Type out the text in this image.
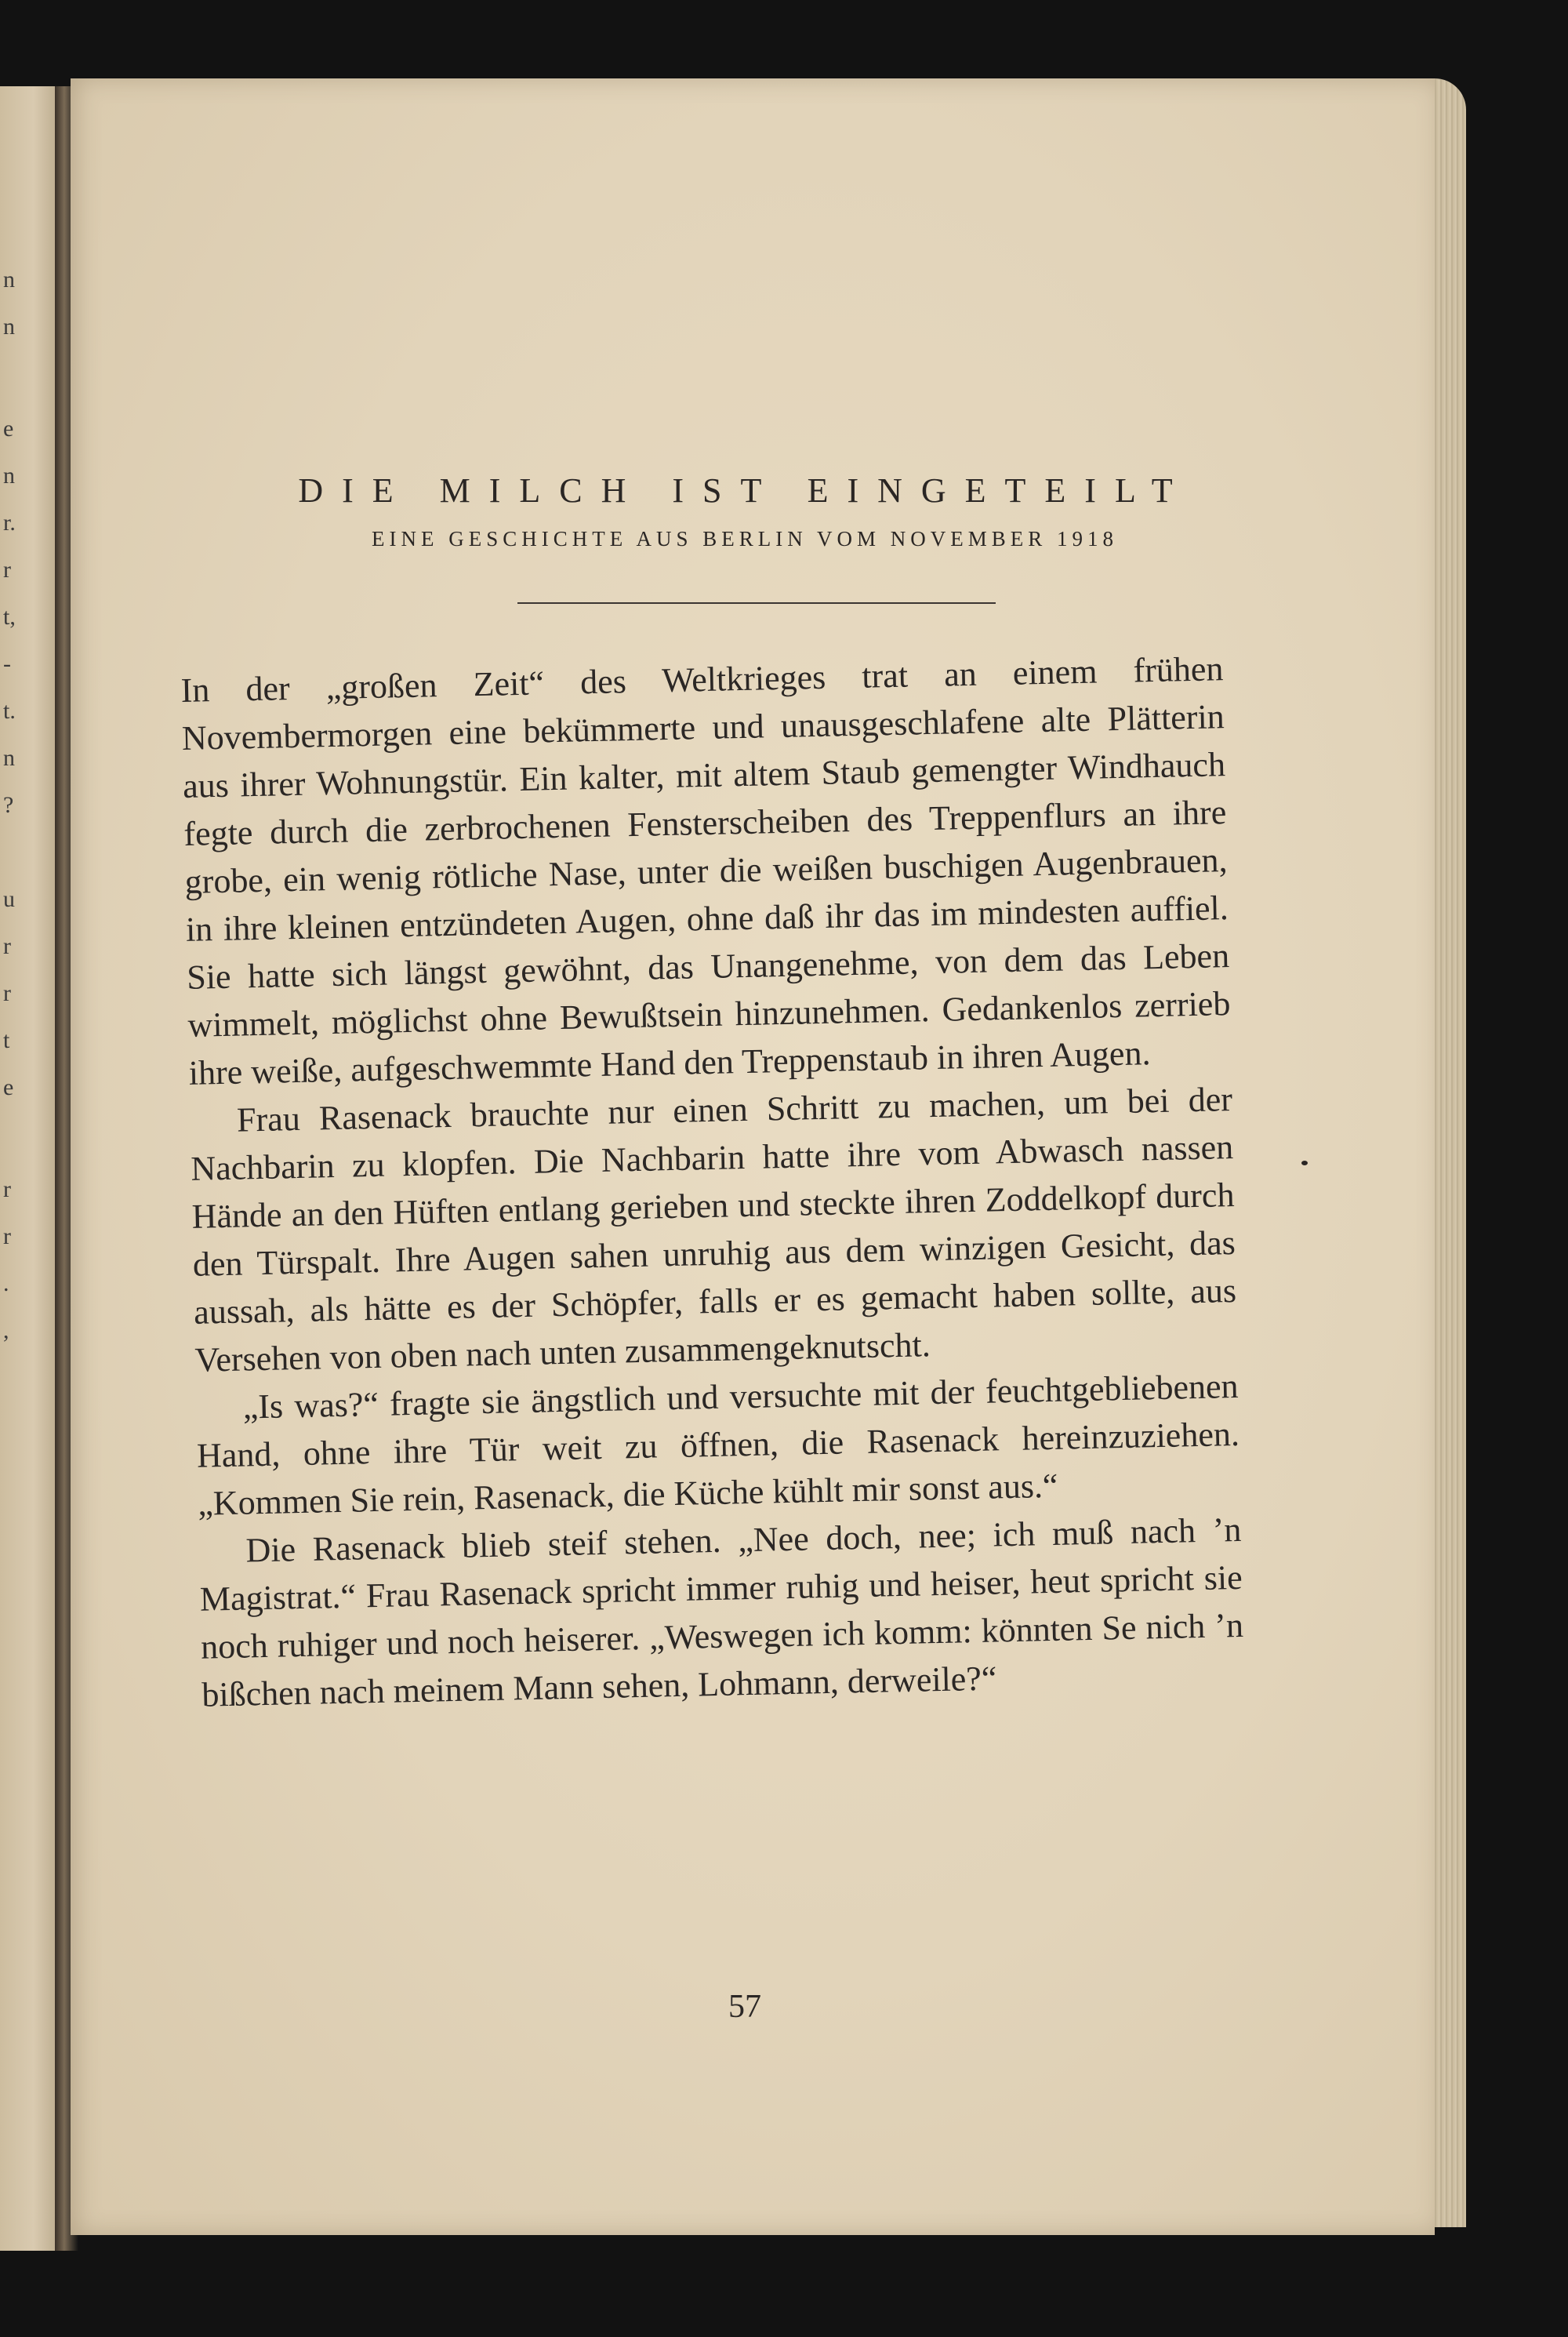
n
n
e
n
r.
r
t,
-
t.
n
?
u
r
r
t
e
r
r
.
,
DIE MILCH IST EINGETEILT
EINE GESCHICHTE AUS BERLIN VOM NOVEMBER 1918

In der „großen Zeit“ des Weltkrieges trat an einem frühen Novembermorgen eine bekümmerte und unausgeschlafene alte Plätterin aus ihrer Wohnungstür. Ein kalter, mit altem Staub gemengter Windhauch fegte durch die zerbrochenen Fensterscheiben des Treppenflurs an ihre grobe, ein wenig rötliche Nase, unter die weißen buschigen Augenbrauen, in ihre kleinen entzündeten Augen, ohne daß ihr das im mindesten auffiel. Sie hatte sich längst gewöhnt, das Unangenehme, von dem das Leben wimmelt, möglichst ohne Bewußtsein hinzunehmen. Gedankenlos zerrieb ihre weiße, aufgeschwemmte Hand den Treppenstaub in ihren Augen.

Frau Rasenack brauchte nur einen Schritt zu machen, um bei der Nachbarin zu klopfen. Die Nachbarin hatte ihre vom Abwasch nassen Hände an den Hüften entlang gerieben und steckte ihren Zoddelkopf durch den Türspalt. Ihre Augen sahen unruhig aus dem winzigen Gesicht, das aussah, als hätte es der Schöpfer, falls er es gemacht haben sollte, aus Versehen von oben nach unten zusammengeknutscht.

„Is was?“ fragte sie ängstlich und versuchte mit der feuchtgebliebenen Hand, ohne ihre Tür weit zu öffnen, die Rasenack hereinzuziehen. „Kommen Sie rein, Rasenack, die Küche kühlt mir sonst aus.“

Die Rasenack blieb steif stehen. „Nee doch, nee; ich muß nach ’n Magistrat.“ Frau Rasenack spricht immer ruhig und heiser, heut spricht sie noch ruhiger und noch heiserer. „Weswegen ich komm: könnten Se nich ’n bißchen nach meinem Mann sehen, Lohmann, derweile?“

57
